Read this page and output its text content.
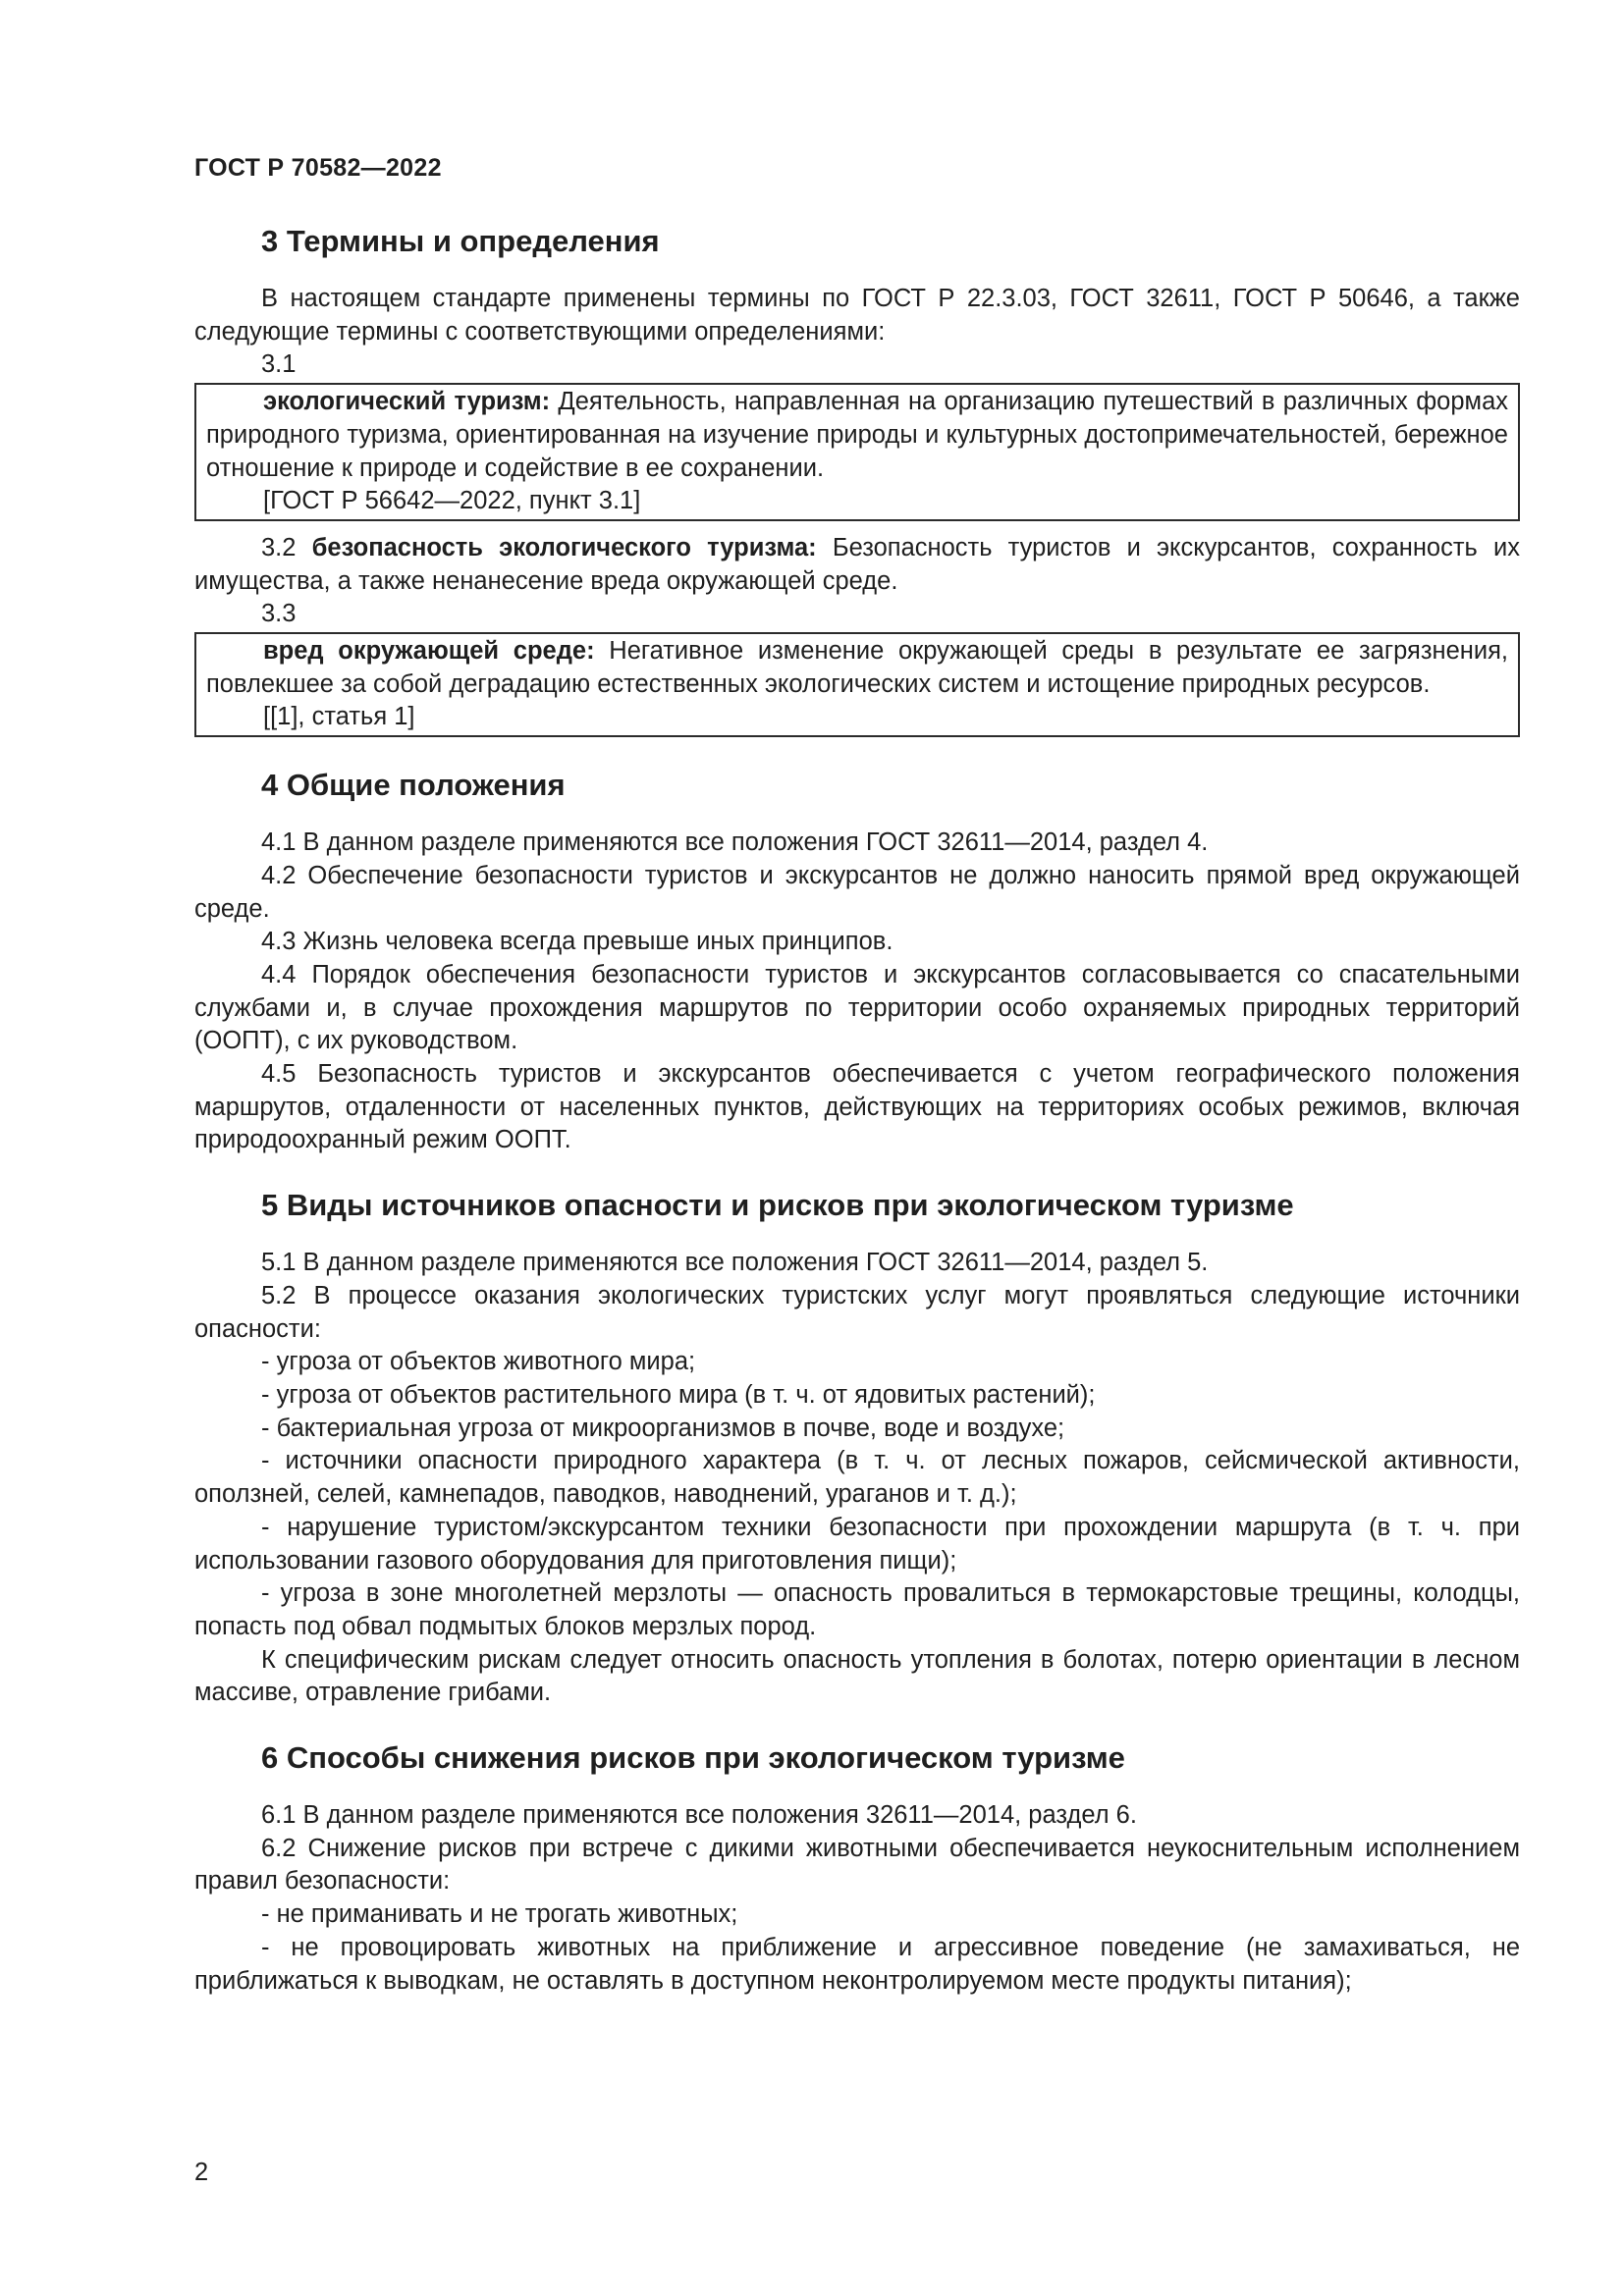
ГОСТ Р 70582—2022
3 Термины и определения

В настоящем стандарте применены термины по ГОСТ Р 22.3.03, ГОСТ 32611, ГОСТ Р 50646, а также следующие термины с соответствующими определениями:

3.1

экологический туризм: Деятельность, направленная на организацию путешествий в различных формах природного туризма, ориентированная на изучение природы и культурных достопримечательностей, бережное отношение к природе и содействие в ее сохранении.

[ГОСТ Р 56642—2022, пункт 3.1]

3.2 безопасность экологического туризма: Безопасность туристов и экскурсантов, сохранность их имущества, а также ненанесение вреда окружающей среде.

3.3

вред окружающей среде: Негативное изменение окружающей среды в результате ее загрязнения, повлекшее за собой деградацию естественных экологических систем и истощение природных ресурсов.

[[1], статья 1]

4 Общие положения

4.1 В данном разделе применяются все положения ГОСТ 32611—2014, раздел 4.

4.2 Обеспечение безопасности туристов и экскурсантов не должно наносить прямой вред окружающей среде.

4.3 Жизнь человека всегда превыше иных принципов.

4.4 Порядок обеспечения безопасности туристов и экскурсантов согласовывается со спасательными службами и, в случае прохождения маршрутов по территории особо охраняемых природных территорий (ООПТ), с их руководством.

4.5 Безопасность туристов и экскурсантов обеспечивается с учетом географического положения маршрутов, отдаленности от населенных пунктов, действующих на территориях особых режимов, включая природоохранный режим ООПТ.

5 Виды источников опасности и рисков при экологическом туризме

5.1 В данном разделе применяются все положения ГОСТ 32611—2014, раздел 5.

5.2 В процессе оказания экологических туристских услуг могут проявляться следующие источники опасности:

- угроза от объектов животного мира;

- угроза от объектов растительного мира (в т. ч. от ядовитых растений);

- бактериальная угроза от микроорганизмов в почве, воде и воздухе;

- источники опасности природного характера (в т. ч. от лесных пожаров, сейсмической активности, оползней, селей, камнепадов, паводков, наводнений, ураганов и т. д.);

- нарушение туристом/экскурсантом техники безопасности при прохождении маршрута (в т. ч. при использовании газового оборудования для приготовления пищи);

- угроза в зоне многолетней мерзлоты — опасность провалиться в термокарстовые трещины, колодцы, попасть под обвал подмытых блоков мерзлых пород.

К специфическим рискам следует относить опасность утопления в болотах, потерю ориентации в лесном массиве, отравление грибами.

6 Способы снижения рисков при экологическом туризме

6.1 В данном разделе применяются все положения 32611—2014, раздел 6.

6.2 Снижение рисков при встрече с дикими животными обеспечивается неукоснительным исполнением правил безопасности:

- не приманивать и не трогать животных;

- не провоцировать животных на приближение и агрессивное поведение (не замахиваться, не приближаться к выводкам, не оставлять в доступном неконтролируемом месте продукты питания);

2
